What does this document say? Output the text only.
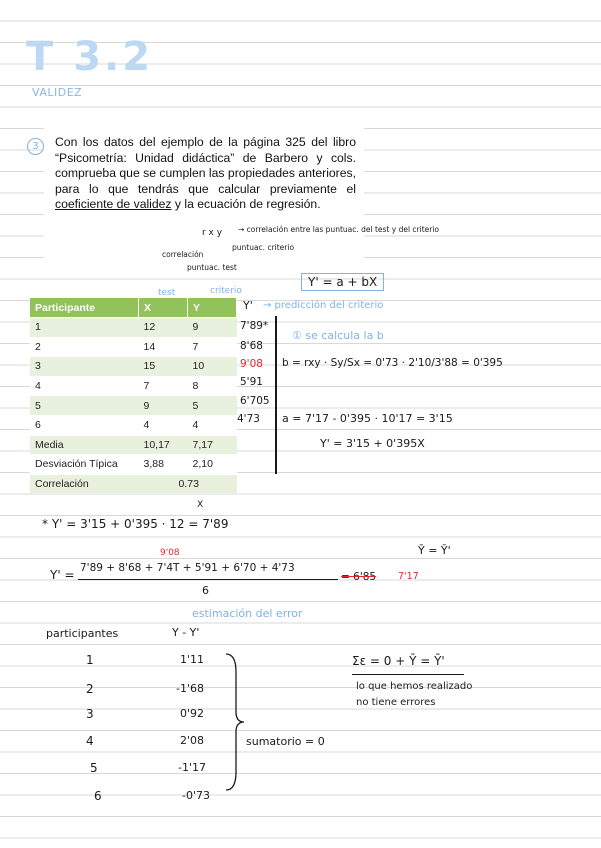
T 3.2
VALIDEZ
3	Con los datos del ejemplo de la página 325 del libro “Psicometría: Unidad didáctica” de Barbero y cols. comprueba que se cumplen las propiedades anteriores, para lo que tendrás que calcular previamente el coeficiente de validez y la ecuación de regresión.
r x y → correlación entre las puntuac. del test y del criterio
correlación
puntuac. criterio
puntuac. test
Y' = a + bX
test	criterio
Y' → predicción del criterio
Participante	X	Y
1	12	9
2	14	7
3	15	10
4	7	8
5	9	5
6	4	4
Media	10,17	7,17
Desviación Típica	3,88	2,10
Correlación	0.73	
7'89*
8'68
9'08
5'91
6'705
4'73
① se calcula la b
b = rxy · Sy/Sx = 0'73 · 2'10/3'88 = 0'395
a = 7'17 - 0'395 · 10'17 = 3'15
Y' = 3'15 + 0'395X
X
* Y' = 3'15 + 0'395 · 12 = 7'89
9'08
Y' = 7'89 + 8'68 + 7'4T + 5'91 + 6'70 + 4'73
6
= 6'85 7'17
Ȳ = Ȳ'
estimación del error
participantes	Y - Y'
1	1'11
2	-1'68
3	0'92
4	2'08
5	-1'17
6	-0'73
sumatorio = 0
Σε = 0 + Ȳ = Ȳ'
lo que hemos realizado
no tiene errores
